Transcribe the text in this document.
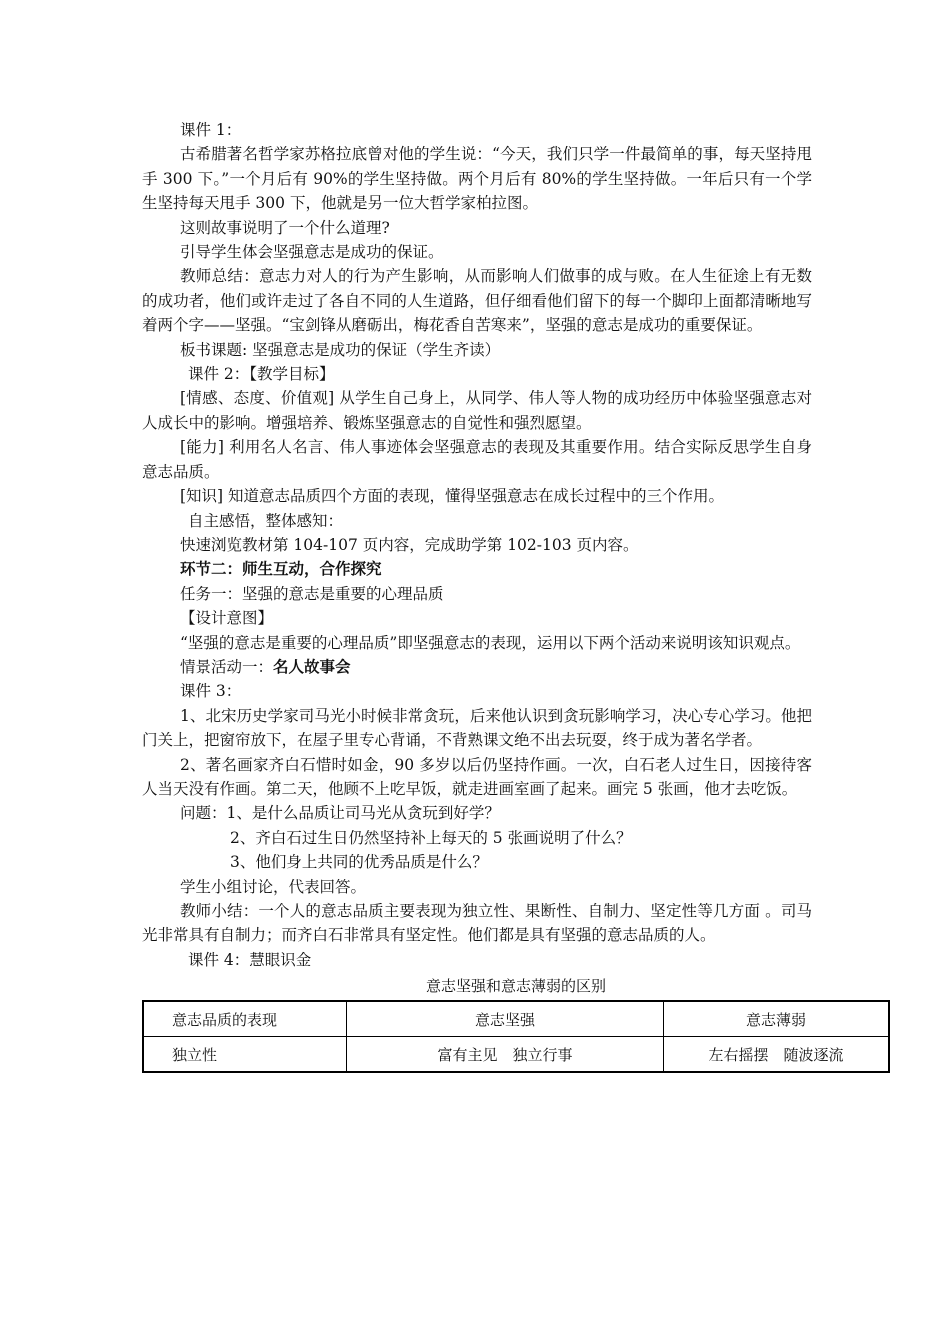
课件 1：

古希腊著名哲学家苏格拉底曾对他的学生说：“今天，我们只学一件最简单的事，每天坚持甩手 300 下。”一个月后有 90%的学生坚持做。两个月后有 80%的学生坚持做。一年后只有一个学生坚持每天甩手 300 下，他就是另一位大哲学家柏拉图。

这则故事说明了一个什么道理?

引导学生体会坚强意志是成功的保证。

教师总结：意志力对人的行为产生影响，从而影响人们做事的成与败。在人生征途上有无数的成功者，他们或许走过了各自不同的人生道路，但仔细看他们留下的每一个脚印上面都清晰地写着两个字——坚强。“宝剑锋从磨砺出，梅花香自苦寒来”，坚强的意志是成功的重要保证。

板书课题: 坚强意志是成功的保证（学生齐读）

课件 2：【教学目标】

[情感、态度、价值观] 从学生自己身上，从同学、伟人等人物的成功经历中体验坚强意志对人成长中的影响。增强培养、锻炼坚强意志的自觉性和强烈愿望。

[能力] 利用名人名言、伟人事迹体会坚强意志的表现及其重要作用。结合实际反思学生自身意志品质。

[知识] 知道意志品质四个方面的表现，懂得坚强意志在成长过程中的三个作用。

自主感悟，整体感知：

快速浏览教材第 104-107 页内容，完成助学第 102-103 页内容。

环节二：师生互动，合作探究

任务一：坚强的意志是重要的心理品质

【设计意图】

“坚强的意志是重要的心理品质”即坚强意志的表现，运用以下两个活动来说明该知识观点。

情景活动一：名人故事会

课件 3：

1、北宋历史学家司马光小时候非常贪玩，后来他认识到贪玩影响学习，决心专心学习。他把门关上，把窗帘放下，在屋子里专心背诵，不背熟课文绝不出去玩耍，终于成为著名学者。

2、著名画家齐白石惜时如金，90 多岁以后仍坚持作画。一次，白石老人过生日，因接待客人当天没有作画。第二天，他顾不上吃早饭，就走进画室画了起来。画完 5 张画，他才去吃饭。

问题：1、是什么品质让司马光从贪玩到好学？

2、齐白石过生日仍然坚持补上每天的 5 张画说明了什么？

3、他们身上共同的优秀品质是什么？

学生小组讨论，代表回答。

教师小结：一个人的意志品质主要表现为独立性、果断性、自制力、坚定性等几方面 。司马光非常具有自制力；而齐白石非常具有坚定性。他们都是具有坚强的意志品质的人。

课件 4：慧眼识金

意志坚强和意志薄弱的区别
意志品质的表现	意志坚强	意志薄弱
独立性	富有主见　独立行事	左右摇摆　随波逐流
